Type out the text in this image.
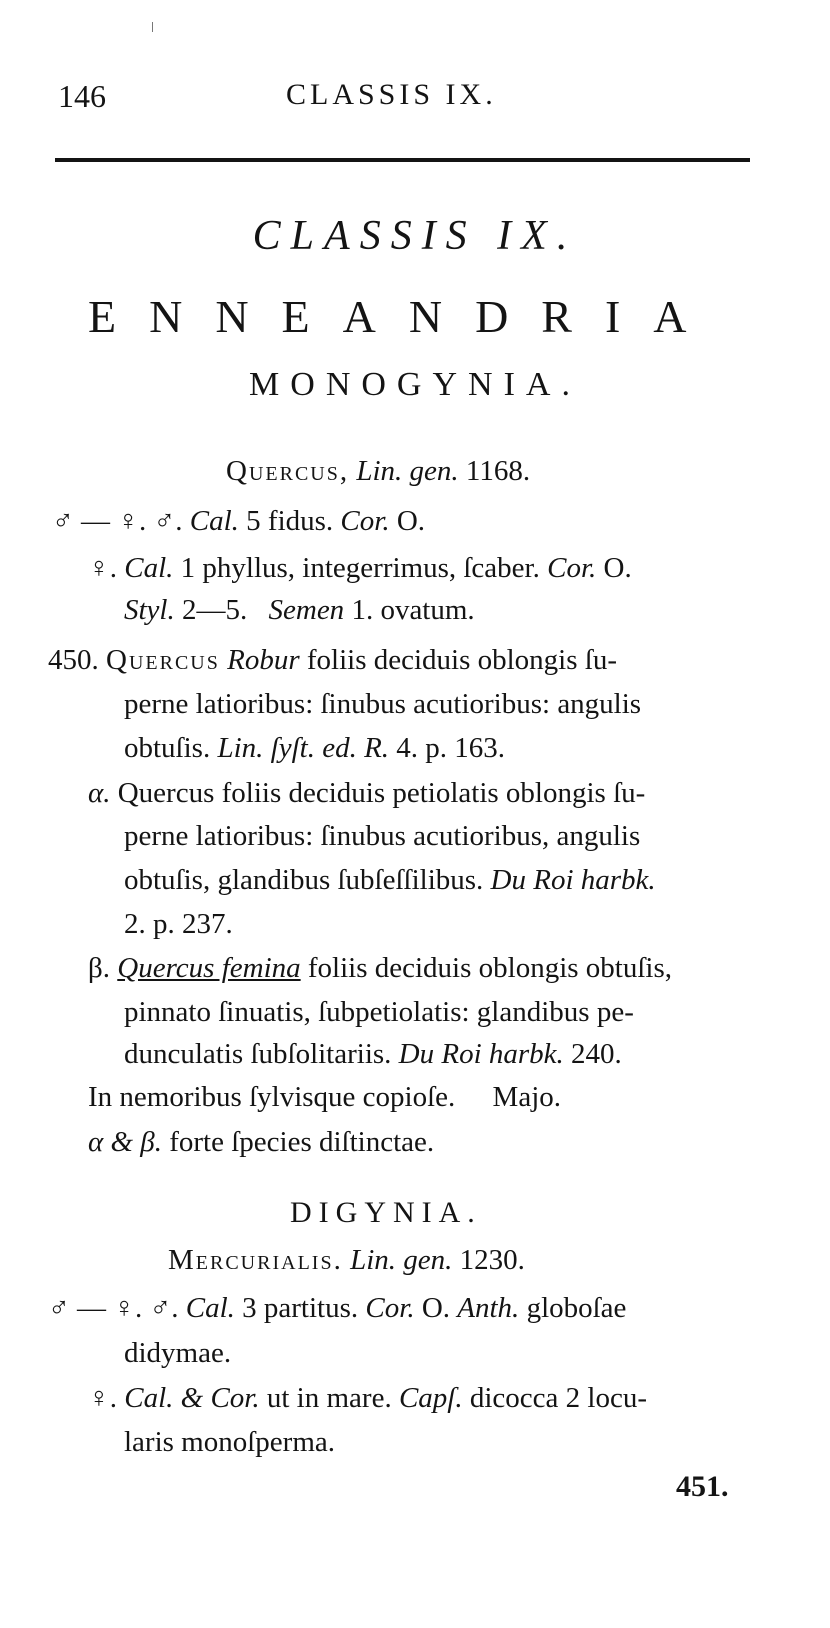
146	CLASSIS IX.
CLASSIS IX.
ENNEANDRIA
MONOGYNIA.
Quercus, Lin. gen. 1168.
♂ — ♀. ♂. Cal. 5 fidus. Cor. O.
♀. Cal. 1 phyllus, integerrimus, ſcaber. Cor. O.
Styl. 2—5. Semen 1. ovatum.
450. Quercus Robur foliis deciduis oblongis ſu-
perne latioribus: ſinubus acutioribus: angulis
obtuſis. Lin. ſyſt. ed. R. 4. p. 163.
α. Quercus foliis deciduis petiolatis oblongis ſu-
perne latioribus: ſinubus acutioribus, angulis
obtuſis, glandibus ſubſeſſilibus. Du Roi harbk.
2. p. 237.
β. Quercus femina foliis deciduis oblongis obtuſis,
pinnato ſinuatis, ſubpetiolatis: glandibus pe-
dunculatis ſubſolitariis. Du Roi harbk. 240.
In nemoribus ſylvisque copioſe. Majo.
α & β. forte ſpecies diſtinctae.
DIGYNIA.
Mercurialis. Lin. gen. 1230.
♂ — ♀. ♂. Cal. 3 partitus. Cor. O. Anth. globoſae
didymae.
♀. Cal. & Cor. ut in mare. Capſ. dicocca 2 locu-
laris monoſperma.
451.
